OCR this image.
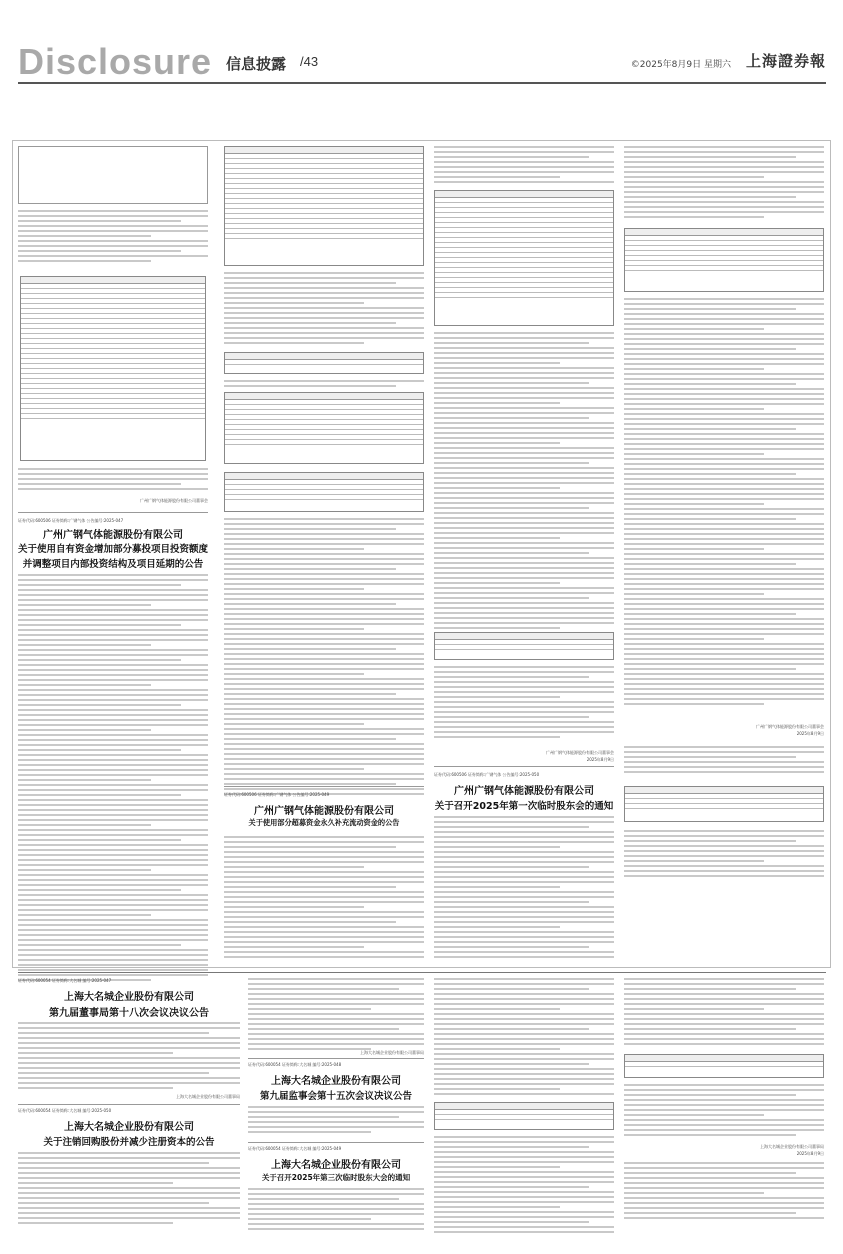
Disclosure 信息披露 /43	©2025年8月9日 星期六 上海證券報
广州广钢气体能源股份有限公司董事会
证券代码:600506 证券简称:广钢气体 公告编号:2025-047
广州广钢气体能源股份有限公司
关于使用自有资金增加部分募投项目投资额度
并调整项目内部投资结构及项目延期的公告
证券代码:600506 证券简称:广钢气体 公告编号:2025-049
广州广钢气体能源股份有限公司
关于使用部分超募资金永久补充流动资金的公告
广州广钢气体能源股份有限公司董事会
2025年8月9日
证券代码:600506 证券简称:广钢气体 公告编号:2025-050
广州广钢气体能源股份有限公司
关于召开2025年第一次临时股东会的通知
广州广钢气体能源股份有限公司董事会
2025年8月9日
证券代码:600054 证券简称:大名城 编号:2025-047
上海大名城企业股份有限公司
第九届董事局第十八次会议决议公告
上海大名城企业股份有限公司董事局
证券代码:600054 证券简称:大名城 编号:2025-050
上海大名城企业股份有限公司
关于注销回购股份并减少注册资本的公告
上海大名城企业股份有限公司董事局
证券代码:600054 证券简称:大名城 编号:2025-048
上海大名城企业股份有限公司
第九届监事会第十五次会议决议公告
证券代码:600054 证券简称:大名城 编号:2025-049
上海大名城企业股份有限公司
关于召开2025年第三次临时股东大会的通知
上海大名城企业股份有限公司董事局
2025年8月9日
